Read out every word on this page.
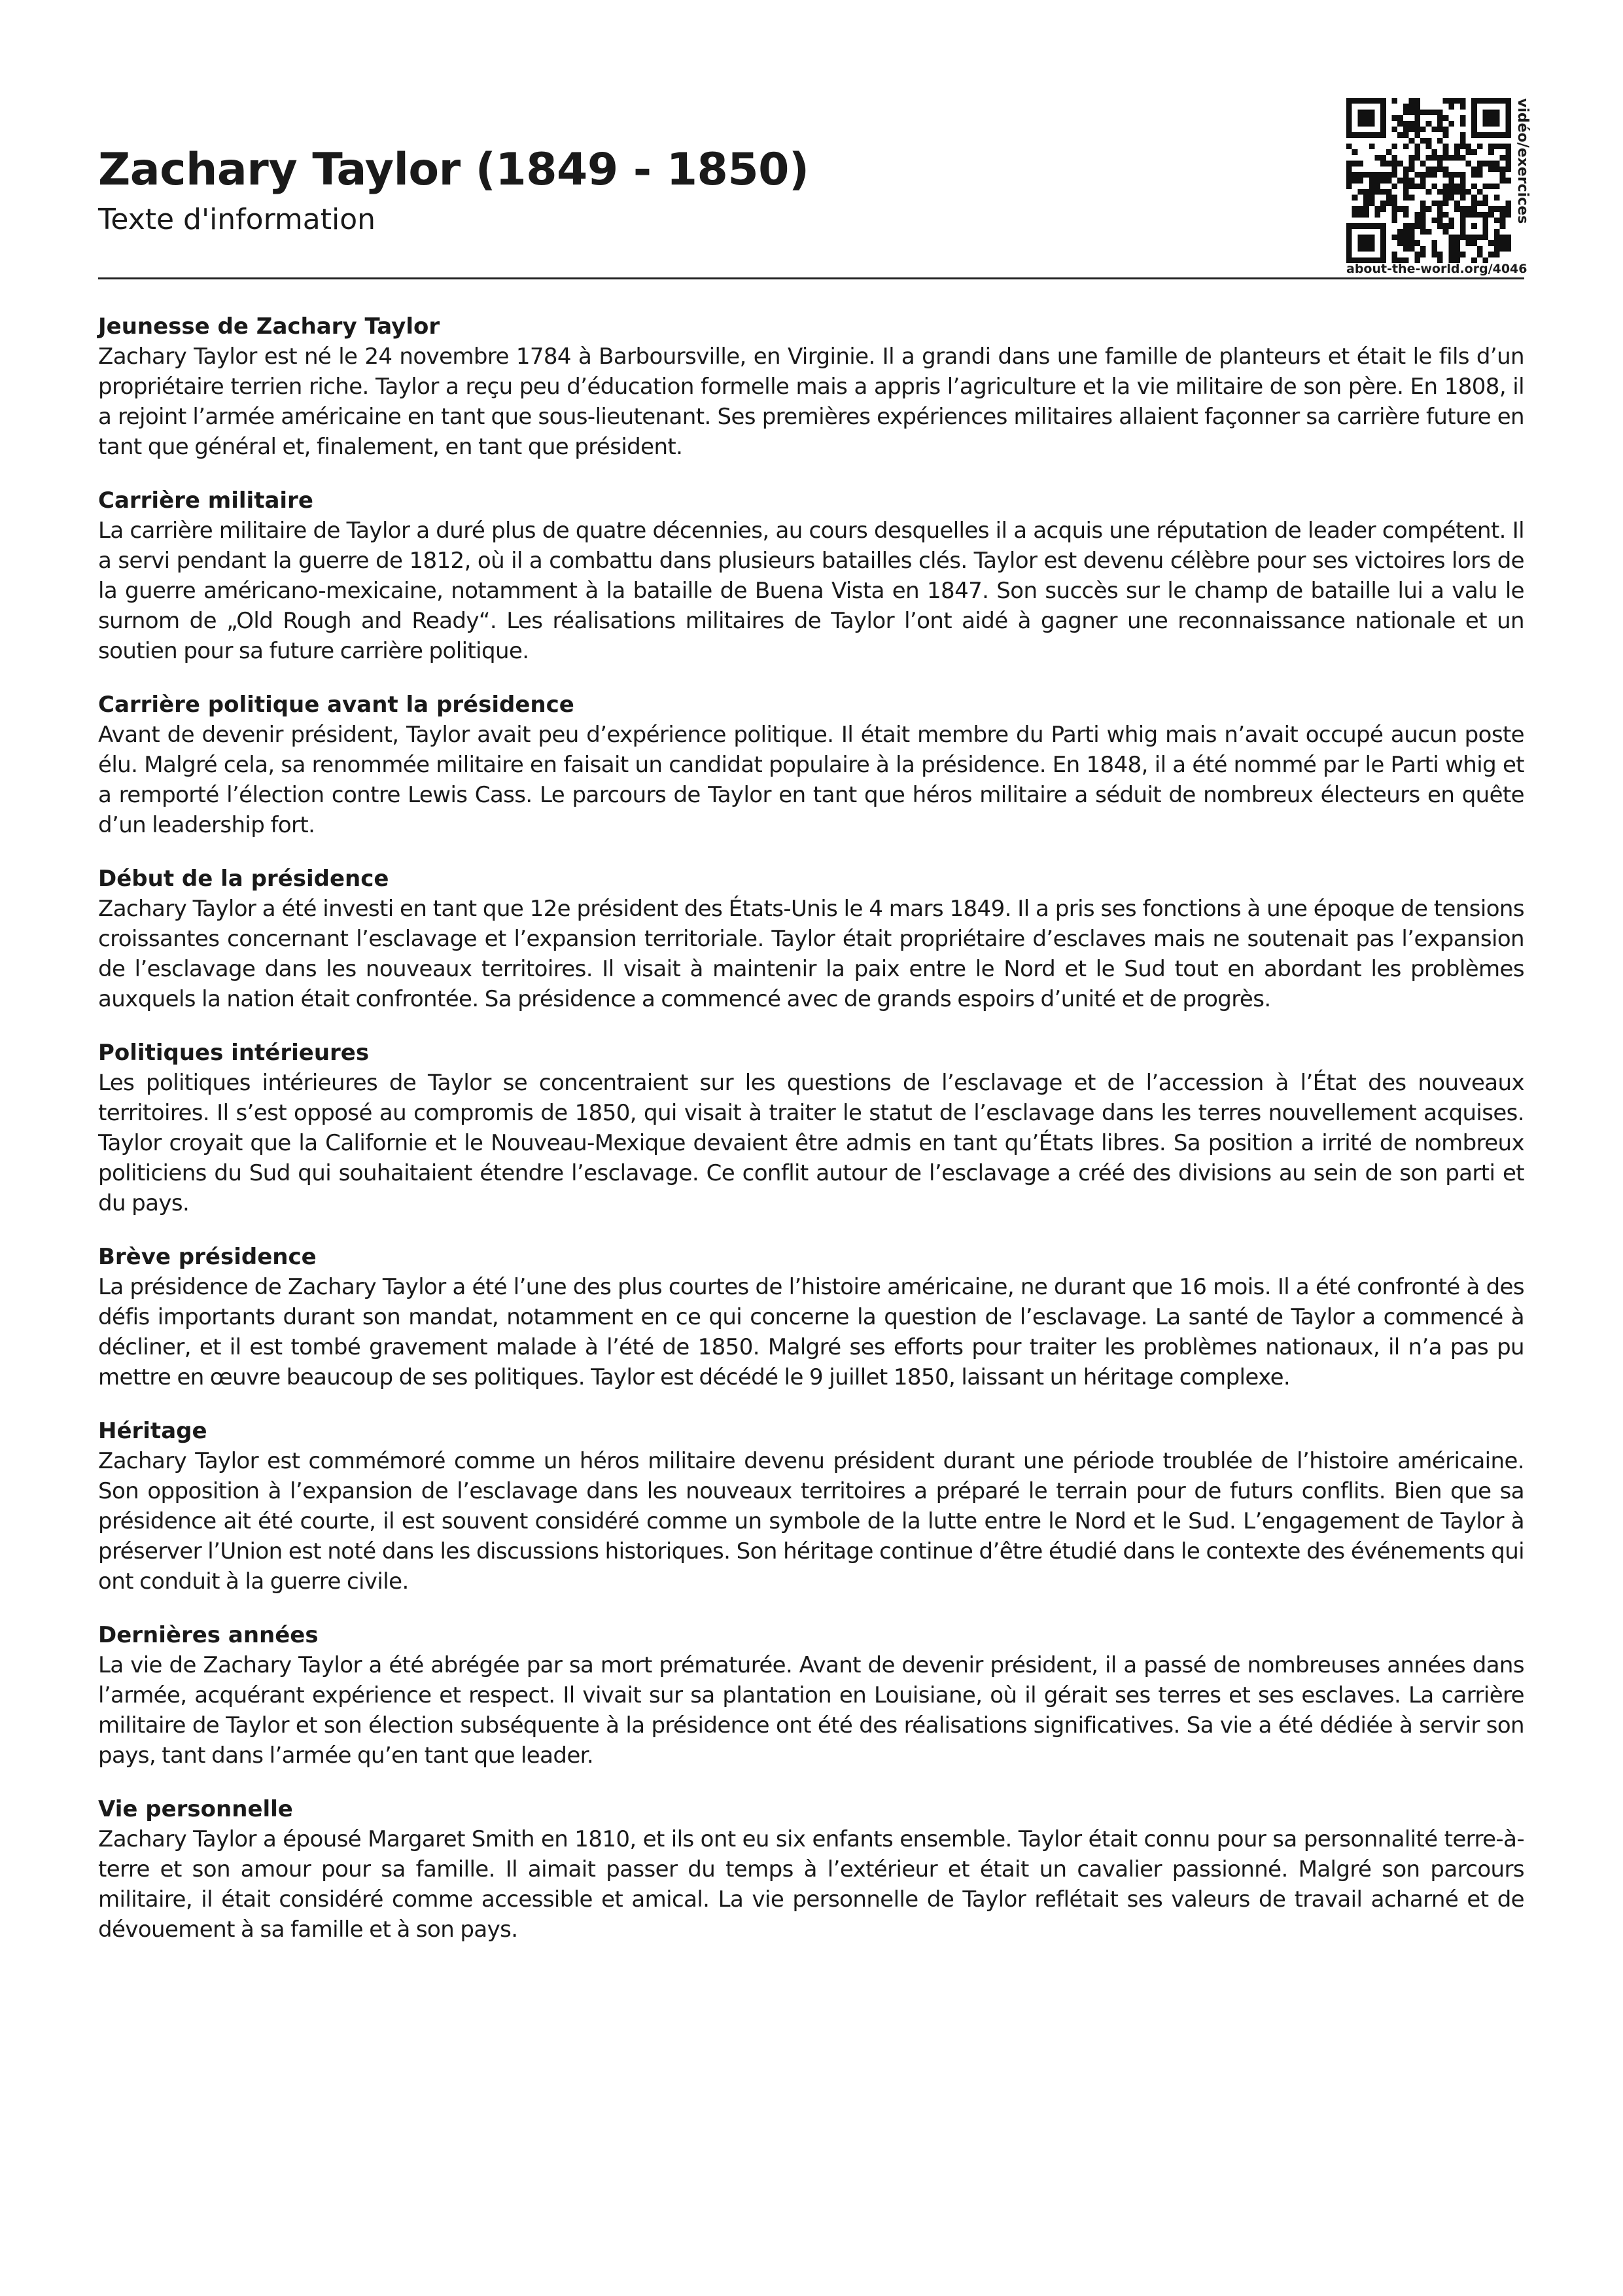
Zachary Taylor (1849 - 1850)
Texte d'information	vidéo/exercices
about-the-world.org/4046
Jeunesse de Zachary Taylor

Zachary Taylor est né le 24 novembre 1784 à Barboursville, en Virginie. Il a grandi dans une famille de planteurs et était le fils d’un propriétaire terrien riche. Taylor a reçu peu d’éducation formelle mais a appris l’agriculture et la vie militaire de son père. En 1808, il a rejoint l’armée américaine en tant que sous-lieutenant. Ses premières expériences militaires allaient façonner sa carrière future en tant que général et, finalement, en tant que président.

Carrière militaire

La carrière militaire de Taylor a duré plus de quatre décennies, au cours desquelles il a acquis une réputation de leader compétent. Il a servi pendant la guerre de 1812, où il a combattu dans plusieurs batailles clés. Taylor est devenu célèbre pour ses victoires lors de la guerre américano-mexicaine, notamment à la bataille de Buena Vista en 1847. Son succès sur le champ de bataille lui a valu le surnom de „Old Rough and Ready“. Les réalisations militaires de Taylor l’ont aidé à gagner une reconnaissance nationale et un soutien pour sa future carrière politique.

Carrière politique avant la présidence

Avant de devenir président, Taylor avait peu d’expérience politique. Il était membre du Parti whig mais n’avait occupé aucun poste élu. Malgré cela, sa renommée militaire en faisait un candidat populaire à la présidence. En 1848, il a été nommé par le Parti whig et a remporté l’élection contre Lewis Cass. Le parcours de Taylor en tant que héros militaire a séduit de nombreux électeurs en quête d’un leadership fort.

Début de la présidence

Zachary Taylor a été investi en tant que 12e président des États-Unis le 4 mars 1849. Il a pris ses fonctions à une époque de tensions croissantes concernant l’esclavage et l’expansion territoriale. Taylor était propriétaire d’esclaves mais ne soutenait pas l’expansion de l’esclavage dans les nouveaux territoires. Il visait à maintenir la paix entre le Nord et le Sud tout en abordant les problèmes auxquels la nation était confrontée. Sa présidence a commencé avec de grands espoirs d’unité et de progrès.

Politiques intérieures

Les politiques intérieures de Taylor se concentraient sur les questions de l’esclavage et de l’accession à l’État des nouveaux territoires. Il s’est opposé au compromis de 1850, qui visait à traiter le statut de l’esclavage dans les terres nouvellement acquises. Taylor croyait que la Californie et le Nouveau-Mexique devaient être admis en tant qu’États libres. Sa position a irrité de nombreux politiciens du Sud qui souhaitaient étendre l’esclavage. Ce conflit autour de l’esclavage a créé des divisions au sein de son parti et du pays.

Brève présidence

La présidence de Zachary Taylor a été l’une des plus courtes de l’histoire américaine, ne durant que 16 mois. Il a été confronté à des défis importants durant son mandat, notamment en ce qui concerne la question de l’esclavage. La santé de Taylor a commencé à décliner, et il est tombé gravement malade à l’été de 1850. Malgré ses efforts pour traiter les problèmes nationaux, il n’a pas pu mettre en œuvre beaucoup de ses politiques. Taylor est décédé le 9 juillet 1850, laissant un héritage complexe.

Héritage

Zachary Taylor est commémoré comme un héros militaire devenu président durant une période troublée de l’histoire américaine. Son opposition à l’expansion de l’esclavage dans les nouveaux territoires a préparé le terrain pour de futurs conflits. Bien que sa présidence ait été courte, il est souvent considéré comme un symbole de la lutte entre le Nord et le Sud. L’engagement de Taylor à préserver l’Union est noté dans les discussions historiques. Son héritage continue d’être étudié dans le contexte des événements qui ont conduit à la guerre civile.

Dernières années

La vie de Zachary Taylor a été abrégée par sa mort prématurée. Avant de devenir président, il a passé de nombreuses années dans l’armée, acquérant expérience et respect. Il vivait sur sa plantation en Louisiane, où il gérait ses terres et ses esclaves. La carrière militaire de Taylor et son élection subséquente à la présidence ont été des réalisations significatives. Sa vie a été dédiée à servir son pays, tant dans l’armée qu’en tant que leader.

Vie personnelle

Zachary Taylor a épousé Margaret Smith en 1810, et ils ont eu six enfants ensemble. Taylor était connu pour sa personnalité terre-à-terre et son amour pour sa famille. Il aimait passer du temps à l’extérieur et était un cavalier passionné. Malgré son parcours militaire, il était considéré comme accessible et amical. La vie personnelle de Taylor reflétait ses valeurs de travail acharné et de dévouement à sa famille et à son pays.
